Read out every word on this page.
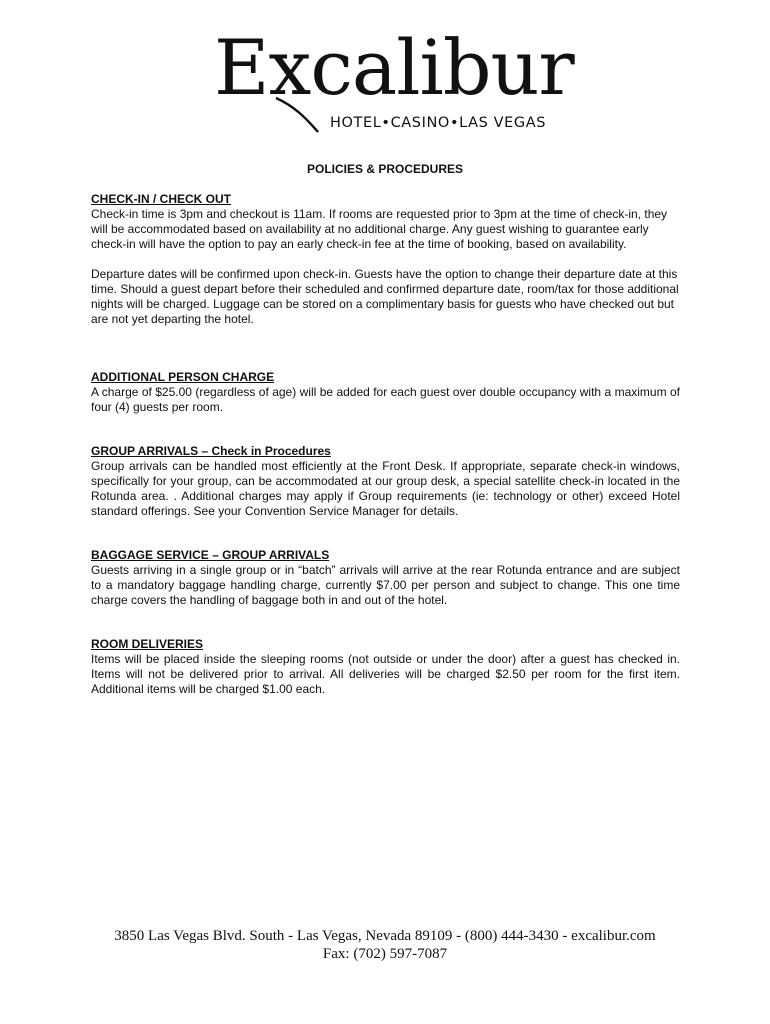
Excalibur
HOTEL•CASINO•LAS VEGAS
POLICIES & PROCEDURES

CHECK-IN / CHECK OUT

Check-in time is 3pm and checkout is 11am. If rooms are requested prior to 3pm at the time of check-in, they will be accommodated based on availability at no additional charge. Any guest wishing to guarantee early check-in will have the option to pay an early check-in fee at the time of booking, based on availability.

Departure dates will be confirmed upon check-in. Guests have the option to change their departure date at this time. Should a guest depart before their scheduled and confirmed departure date, room/tax for those additional nights will be charged. Luggage can be stored on a complimentary basis for guests who have checked out but are not yet departing the hotel.

ADDITIONAL PERSON CHARGE

A charge of $25.00 (regardless of age) will be added for each guest over double occupancy with a maximum of four (4) guests per room.

GROUP ARRIVALS – Check in Procedures

Group arrivals can be handled most efficiently at the Front Desk. If appropriate, separate check-in windows, specifically for your group, can be accommodated at our group desk, a special satellite check-in located in the Rotunda area. . Additional charges may apply if Group requirements (ie: technology or other) exceed Hotel standard offerings. See your Convention Service Manager for details.

BAGGAGE SERVICE – GROUP ARRIVALS

Guests arriving in a single group or in “batch” arrivals will arrive at the rear Rotunda entrance and are subject to a mandatory baggage handling charge, currently $7.00 per person and subject to change. This one time charge covers the handling of baggage both in and out of the hotel.

ROOM DELIVERIES

Items will be placed inside the sleeping rooms (not outside or under the door) after a guest has checked in. Items will not be delivered prior to arrival. All deliveries will be charged $2.50 per room for the first item. Additional items will be charged $1.00 each.

3850 Las Vegas Blvd. South - Las Vegas, Nevada 89109 - (800) 444-3430 - excalibur.com
Fax: (702) 597-7087
